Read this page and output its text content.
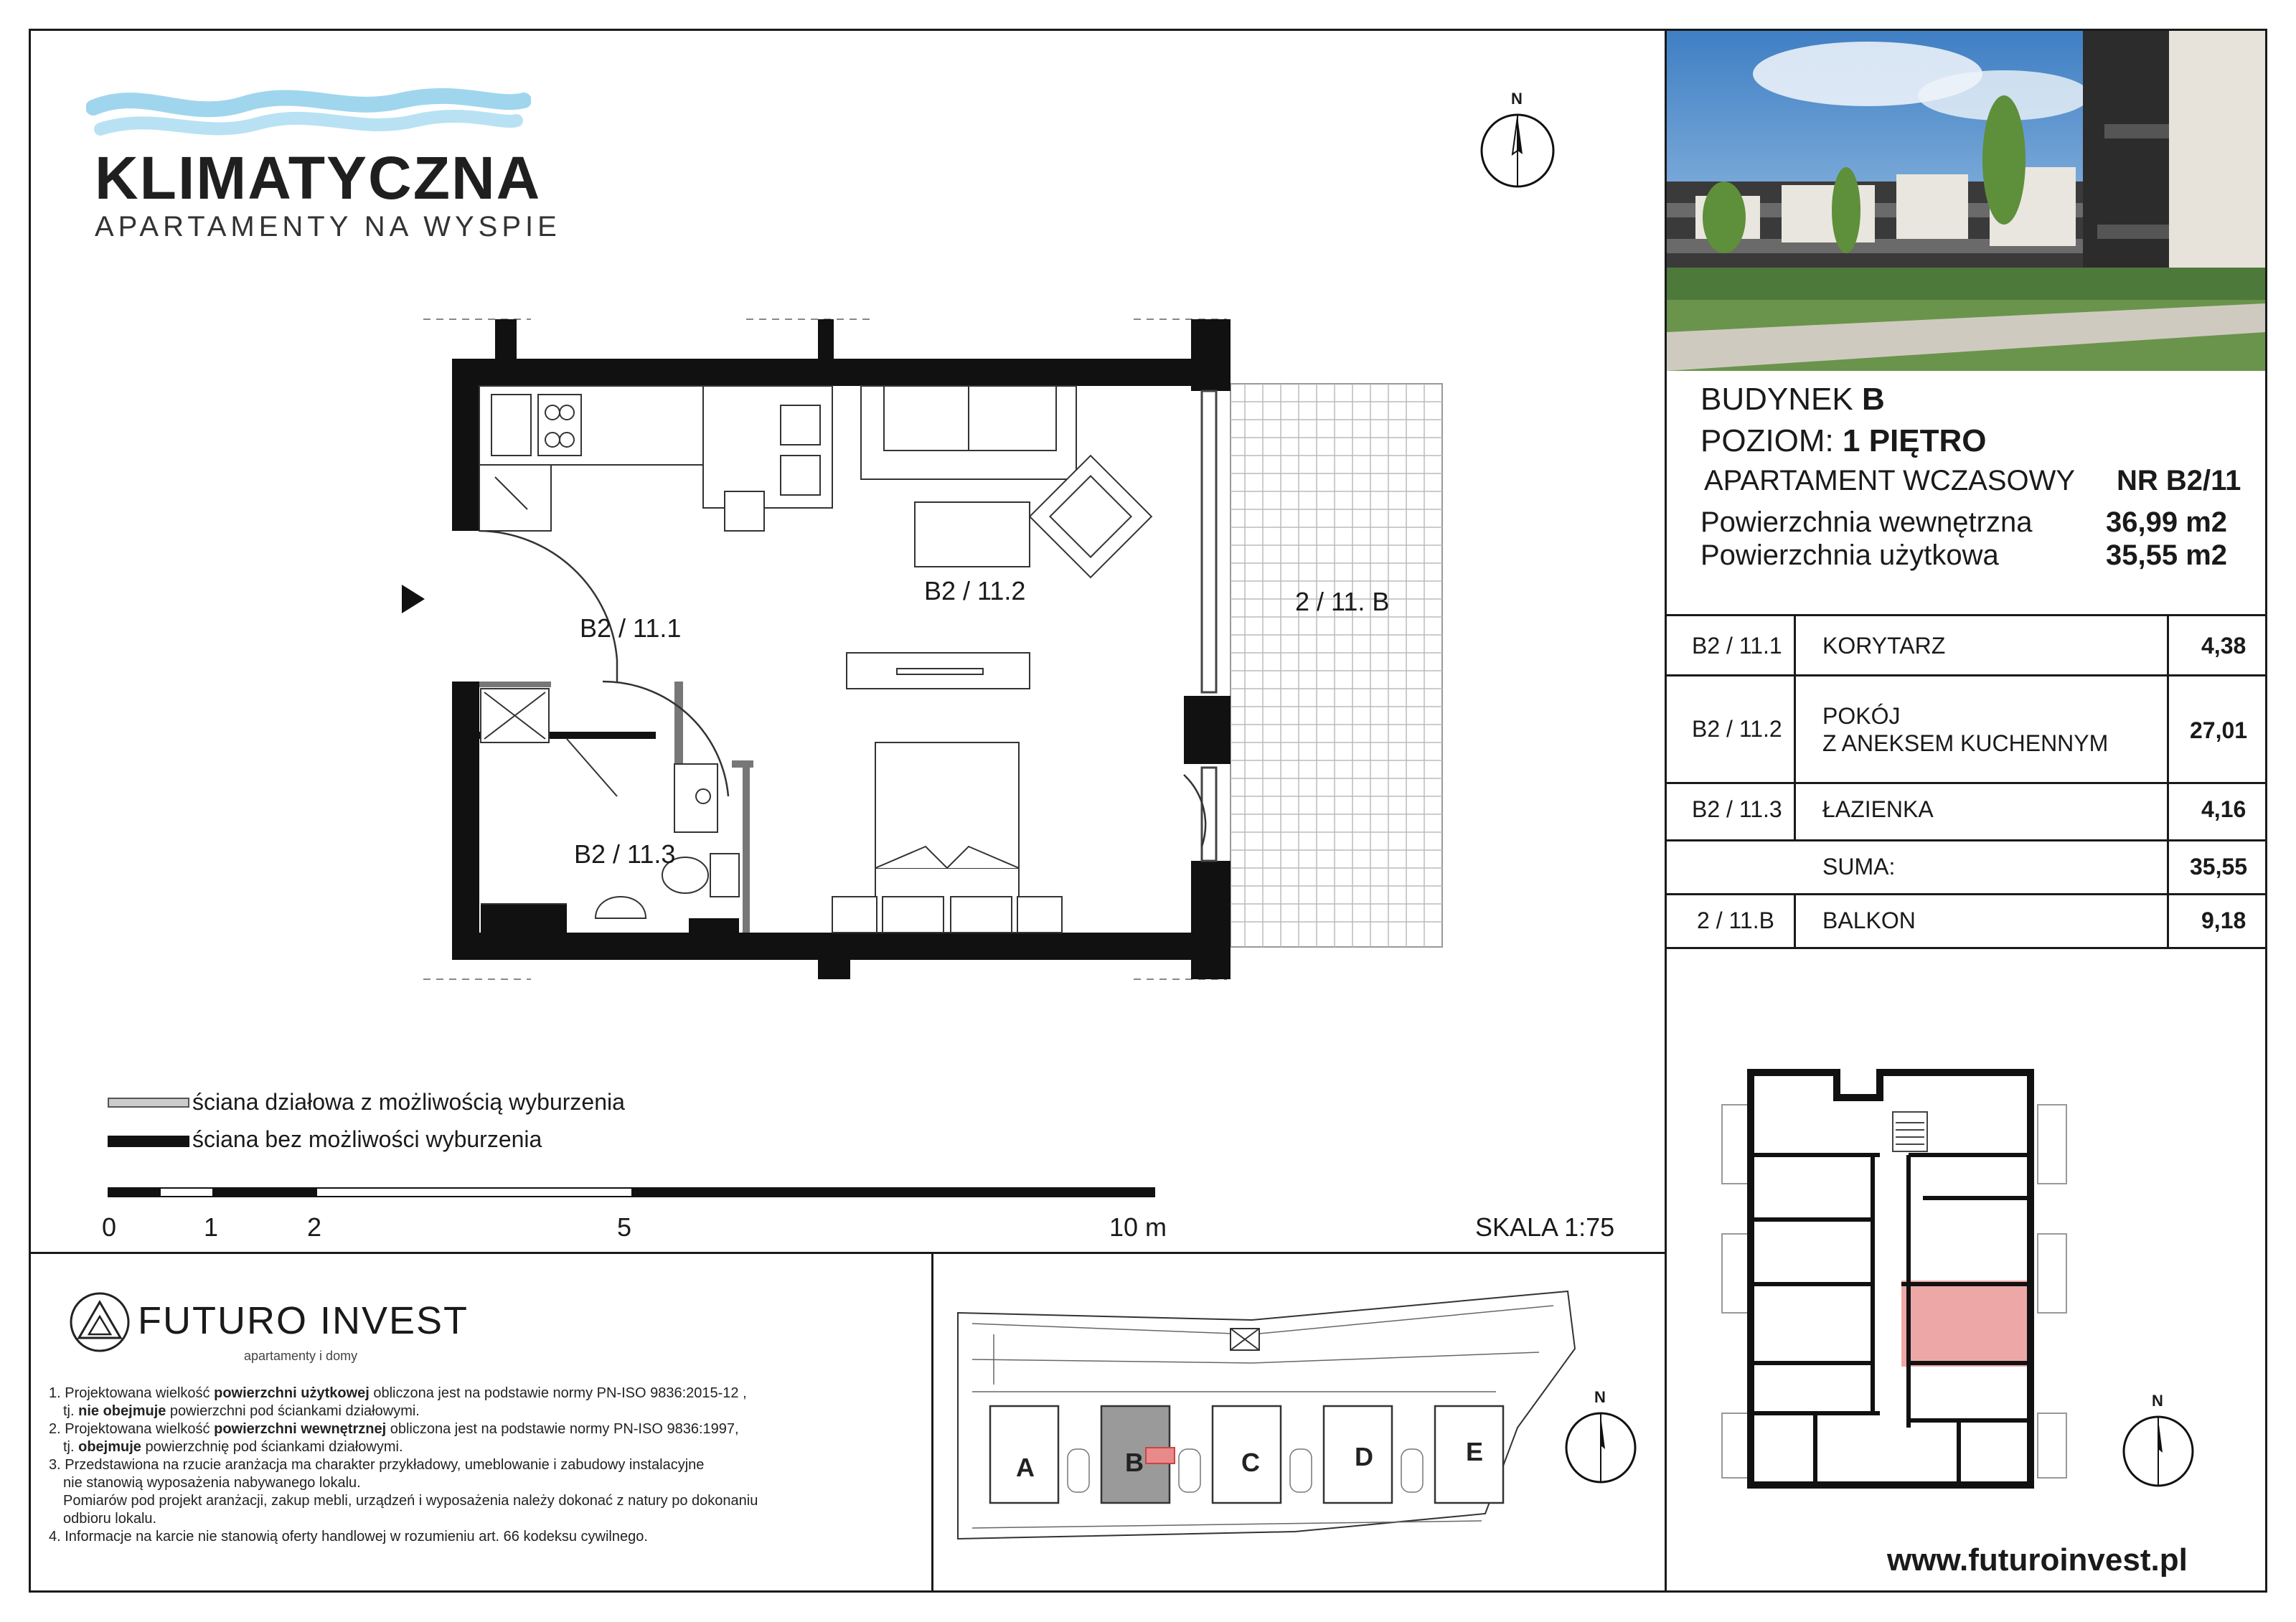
KLIMATYCZNA
APARTAMENTY NA WYSPIE
N
B2 / 11.1
B2 / 11.2
B2 / 11.3
2 / 11. B
ściana działowa z możliwością wyburzenia
ściana bez możliwości wyburzenia
0	1	2	5	10 m	SKALA 1:75
FUTURO INVEST
apartamenty i domy

1. Projektowana wielkość powierzchni użytkowej obliczona jest na podstawie normy PN-ISO 9836:2015-12 ,

tj. nie obejmuje powierzchni pod ściankami działowymi.

2. Projektowana wielkość powierzchni wewnętrznej obliczona jest na podstawie normy PN-ISO 9836:1997,

tj. obejmuje powierzchnię pod ściankami działowymi.

3. Przedstawiona na rzucie aranżacja ma charakter przykładowy, umeblowanie i zabudowy instalacyjne

nie stanowią wyposażenia nabywanego lokalu.

Pomiarów pod projekt aranżacji, zakup mebli, urządzeń i wyposażenia należy dokonać z natury po dokonaniu

odbioru lokalu.

4. Informacje na karcie nie stanowią oferty handlowej w rozumieniu art. 66 kodeksu cywilnego.

A	B	C	D	E
N
BUDYNEK B
POZIOM: 1 PIĘTRO
APARTAMENT WCZASOWY NR B2/11
Powierzchnia wewnętrzna	36,99 m2
Powierzchnia użytkowa	35,55 m2
B2 / 11.1 KORYTARZ	4,38
B2 / 11.2 POKÓJ
Z ANEKSEM KUCHENNYM	27,01
B2 / 11.3 ŁAZIENKA	4,16
SUMA:	35,55
2 / 11.B BALKON	9,18
N
www.futuroinvest.pl
